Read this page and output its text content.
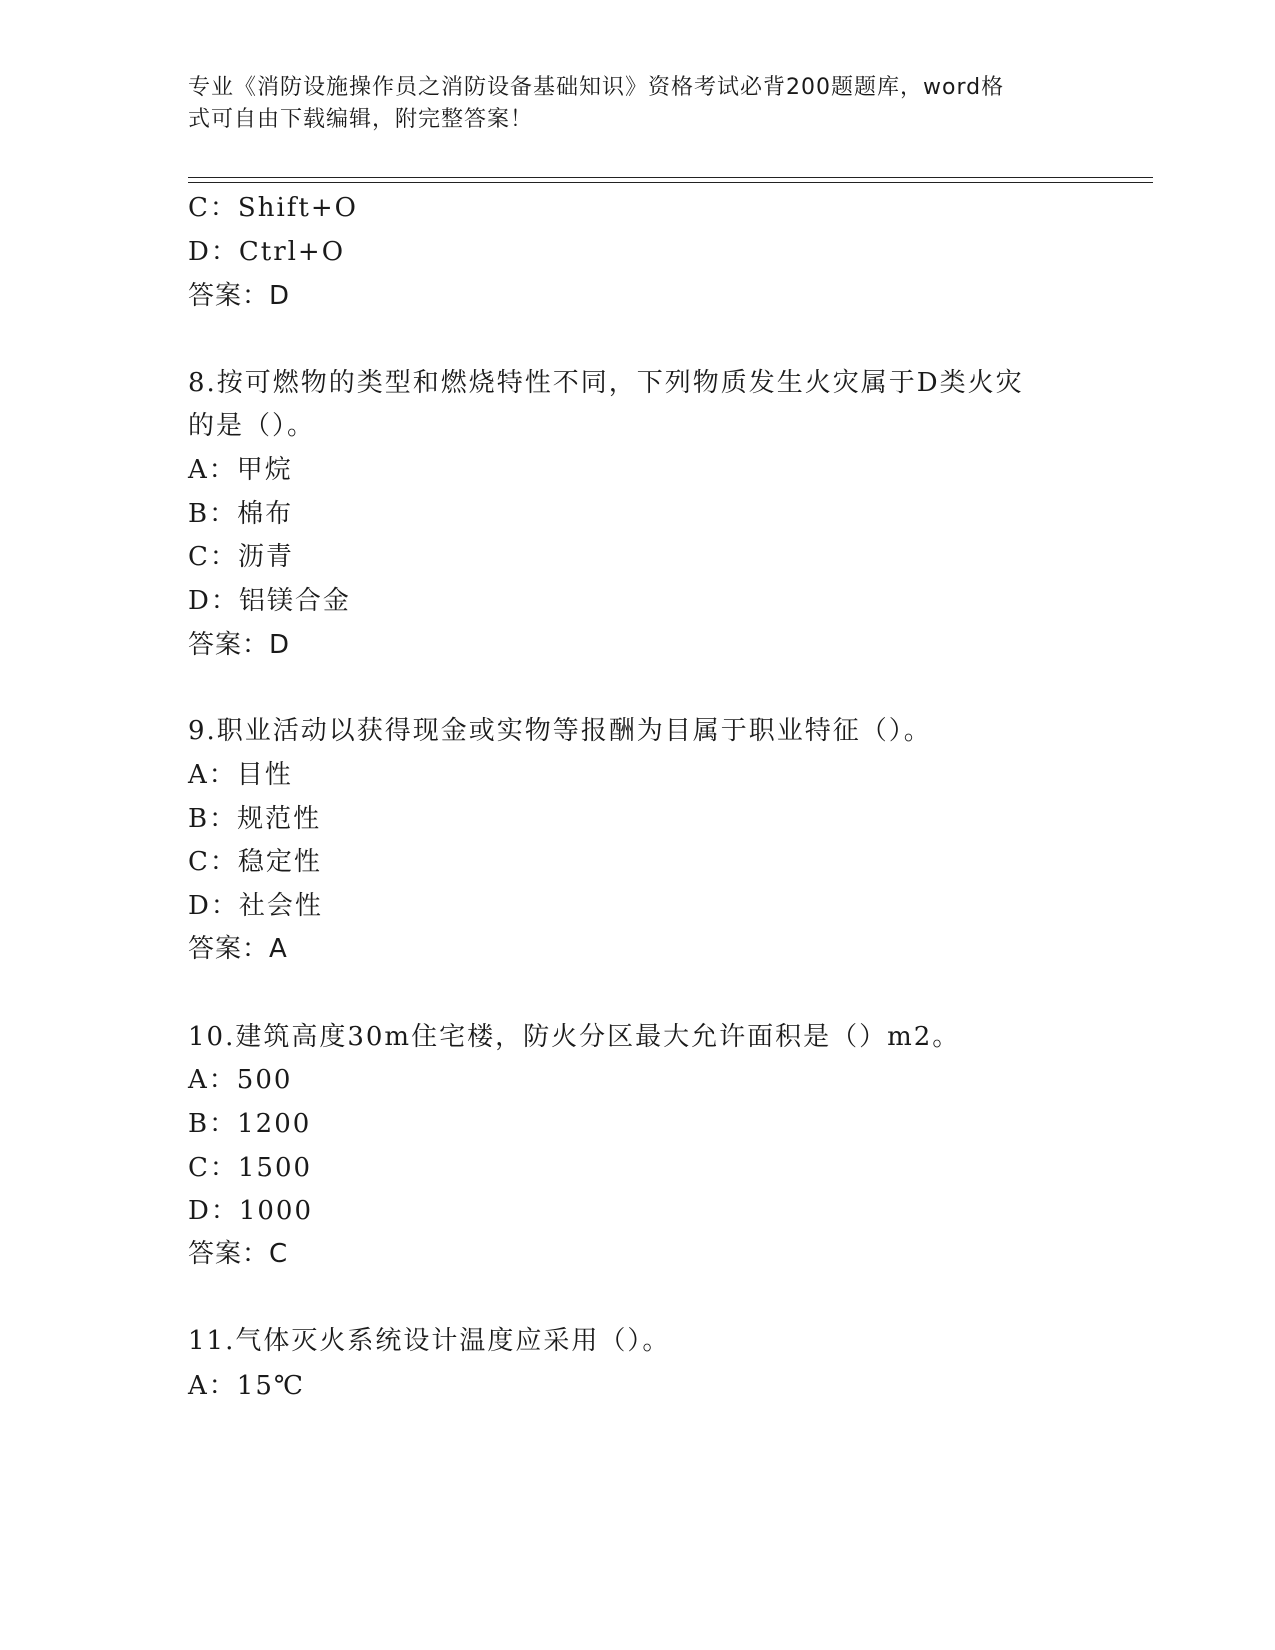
专业《消防设施操作员之消防设备基础知识》资格考试必背200题题库，word格
式可自由下载编辑，附完整答案！
C：Shift+O
D：Ctrl+O
答案：D
8.按可燃物的类型和燃烧特性不同，下列物质发生火灾属于D类火灾
的是（）。
A：甲烷
B：棉布
C：沥青
D：铝镁合金
答案：D
9.职业活动以获得现金或实物等报酬为目属于职业特征（）。
A：目性
B：规范性
C：稳定性
D：社会性
答案：A
10.建筑高度30m住宅楼，防火分区最大允许面积是（）m2。
A：500
B：1200
C：1500
D：1000
答案：C
11.气体灭火系统设计温度应采用（）。
A：15℃
